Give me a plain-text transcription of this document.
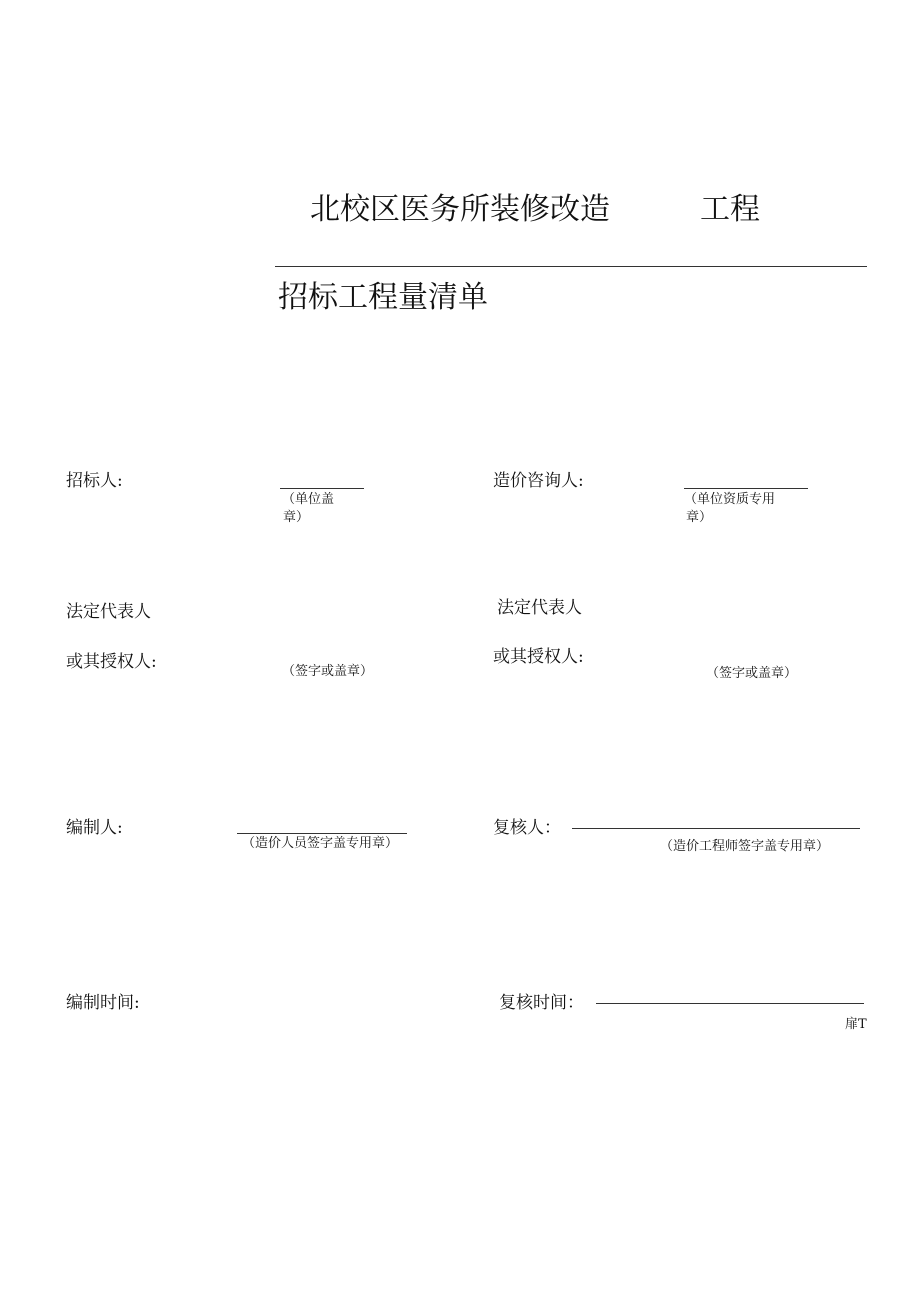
北校区医务所装修改造	工程
招标工程量清单
招标人:
（单位盖
章）
造价咨询人:
（单位资质专用
章）
法定代表人
或其授权人:	（签字或盖章）
法定代表人
或其授权人:
（签字或盖章）
编制人:
（造价人员签字盖专用章）
复核人：
（造价工程师签字盖专用章）
编制时间:	复核时间：
扉T
